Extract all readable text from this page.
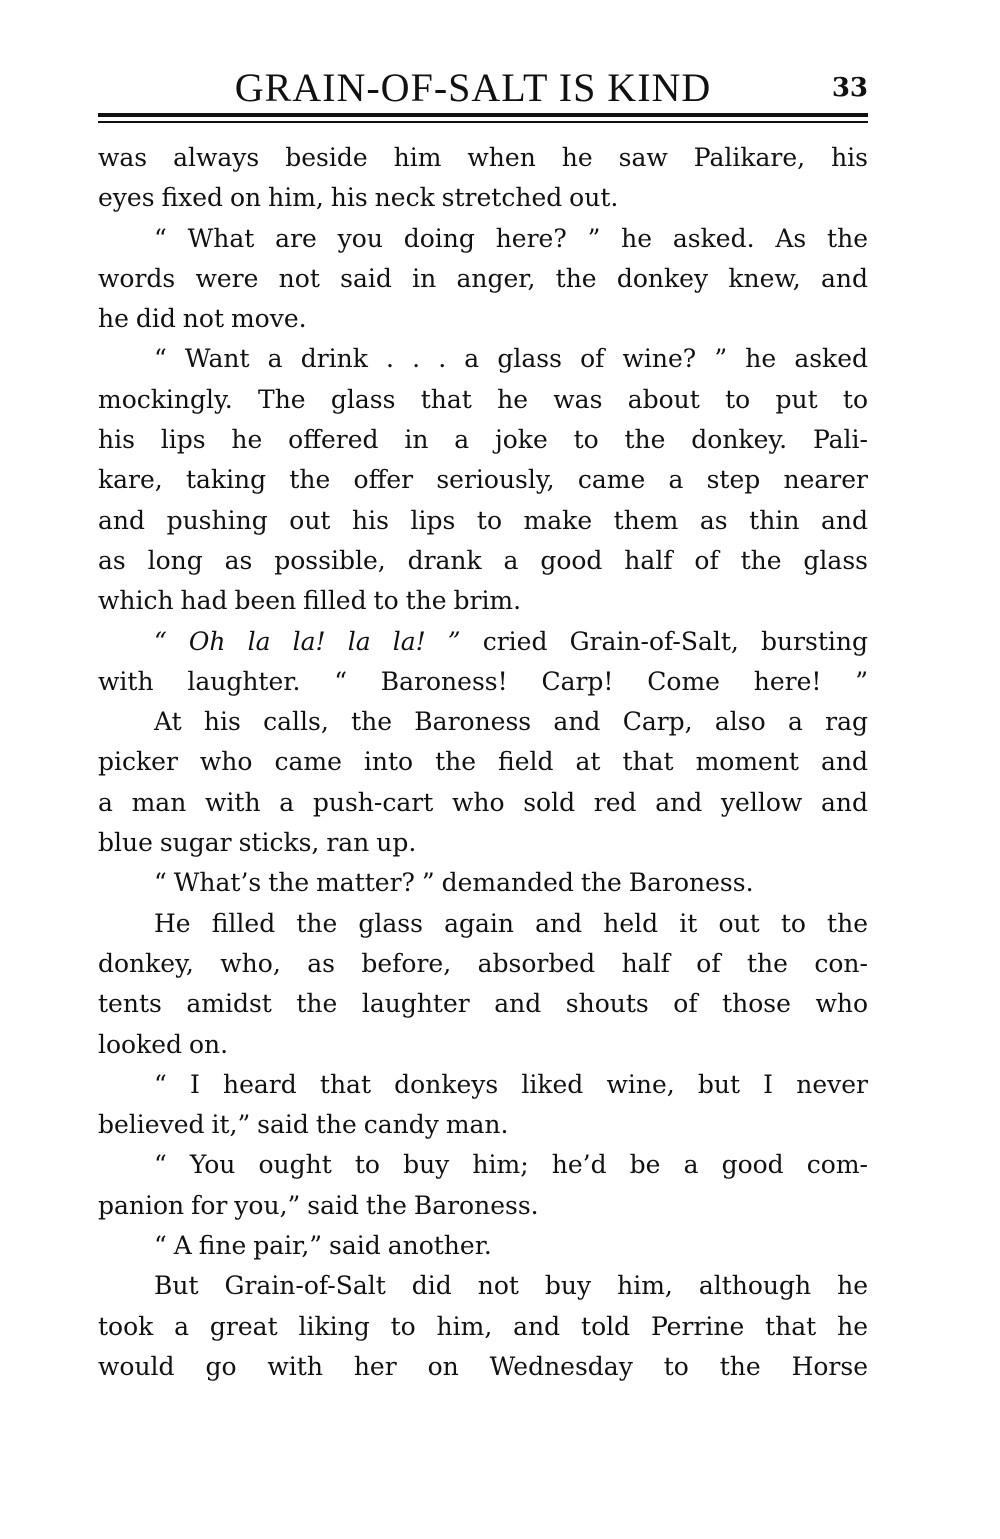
GRAIN-OF-SALT IS KIND	33
was always beside him when he saw Palikare, his
eyes fixed on him, his neck stretched out.
“ What are you doing here? ” he asked. As the
words were not said in anger, the donkey knew, and
he did not move.
“ Want a drink . . . a glass of wine? ” he asked
mockingly. The glass that he was about to put to
his lips he offered in a joke to the donkey. Pali-
kare, taking the offer seriously, came a step nearer
and pushing out his lips to make them as thin and
as long as possible, drank a good half of the glass
which had been filled to the brim.
“ Oh la la! la la! ” cried Grain-of-Salt, bursting
with laughter. “ Baroness! Carp! Come here! ”
At his calls, the Baroness and Carp, also a rag
picker who came into the field at that moment and
a man with a push-cart who sold red and yellow and
blue sugar sticks, ran up.
“ What’s the matter? ” demanded the Baroness.
He filled the glass again and held it out to the
donkey, who, as before, absorbed half of the con-
tents amidst the laughter and shouts of those who
looked on.
“ I heard that donkeys liked wine, but I never
believed it,” said the candy man.
“ You ought to buy him; he’d be a good com-
panion for you,” said the Baroness.
“ A fine pair,” said another.
But Grain-of-Salt did not buy him, although he
took a great liking to him, and told Perrine that he
would go with her on Wednesday to the Horse
